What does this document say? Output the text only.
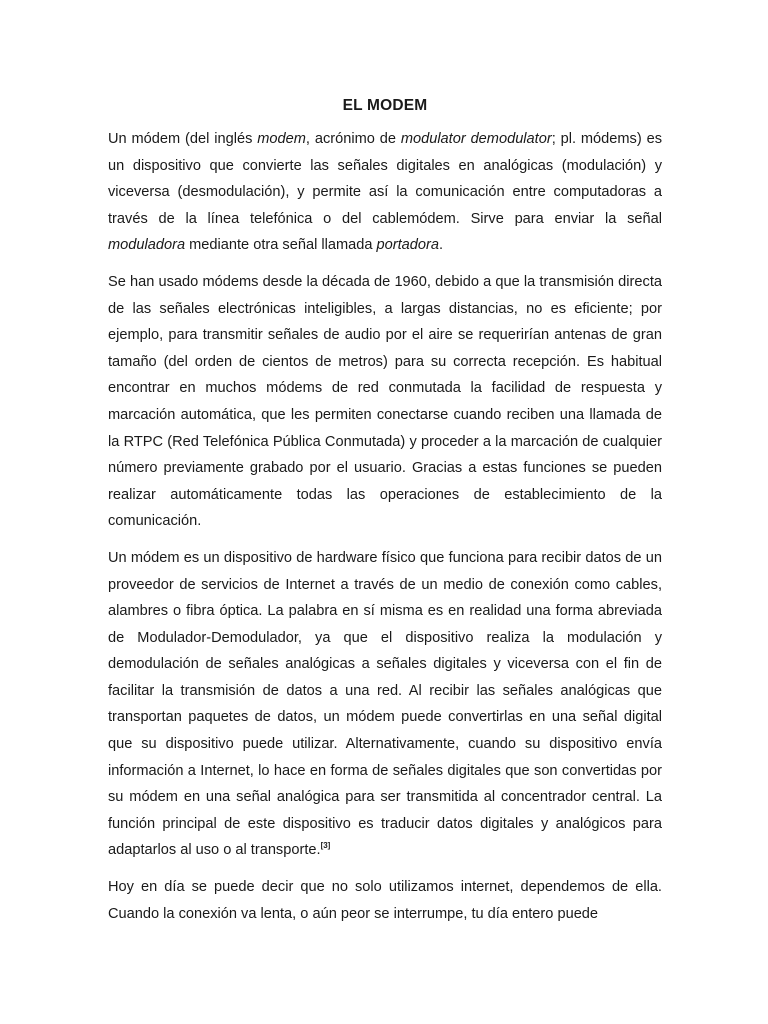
EL MODEM

Un módem (del inglés modem, acrónimo de modulator demodulator; pl. módems) es un dispositivo que convierte las señales digitales en analógicas (modulación) y viceversa (desmodulación), y permite así la comunicación entre computadoras a través de la línea telefónica o del cablemódem. Sirve para enviar la señal moduladora mediante otra señal llamada portadora.

Se han usado módems desde la década de 1960, debido a que la transmisión directa de las señales electrónicas inteligibles, a largas distancias, no es eficiente; por ejemplo, para transmitir señales de audio por el aire se requerirían antenas de gran tamaño (del orden de cientos de metros) para su correcta recepción. Es habitual encontrar en muchos módems de red conmutada la facilidad de respuesta y marcación automática, que les permiten conectarse cuando reciben una llamada de la RTPC (Red Telefónica Pública Conmutada) y proceder a la marcación de cualquier número previamente grabado por el usuario. Gracias a estas funciones se pueden realizar automáticamente todas las operaciones de establecimiento de la comunicación.

Un módem es un dispositivo de hardware físico que funciona para recibir datos de un proveedor de servicios de Internet a través de un medio de conexión como cables, alambres o fibra óptica. La palabra en sí misma es en realidad una forma abreviada de Modulador-Demodulador, ya que el dispositivo realiza la modulación y demodulación de señales analógicas a señales digitales y viceversa con el fin de facilitar la transmisión de datos a una red. Al recibir las señales analógicas que transportan paquetes de datos, un módem puede convertirlas en una señal digital que su dispositivo puede utilizar. Alternativamente, cuando su dispositivo envía información a Internet, lo hace en forma de señales digitales que son convertidas por su módem en una señal analógica para ser transmitida al concentrador central. La función principal de este dispositivo es traducir datos digitales y analógicos para adaptarlos al uso o al transporte.[3]

Hoy en día se puede decir que no solo utilizamos internet, dependemos de ella. Cuando la conexión va lenta, o aún peor se interrumpe, tu día entero puede
